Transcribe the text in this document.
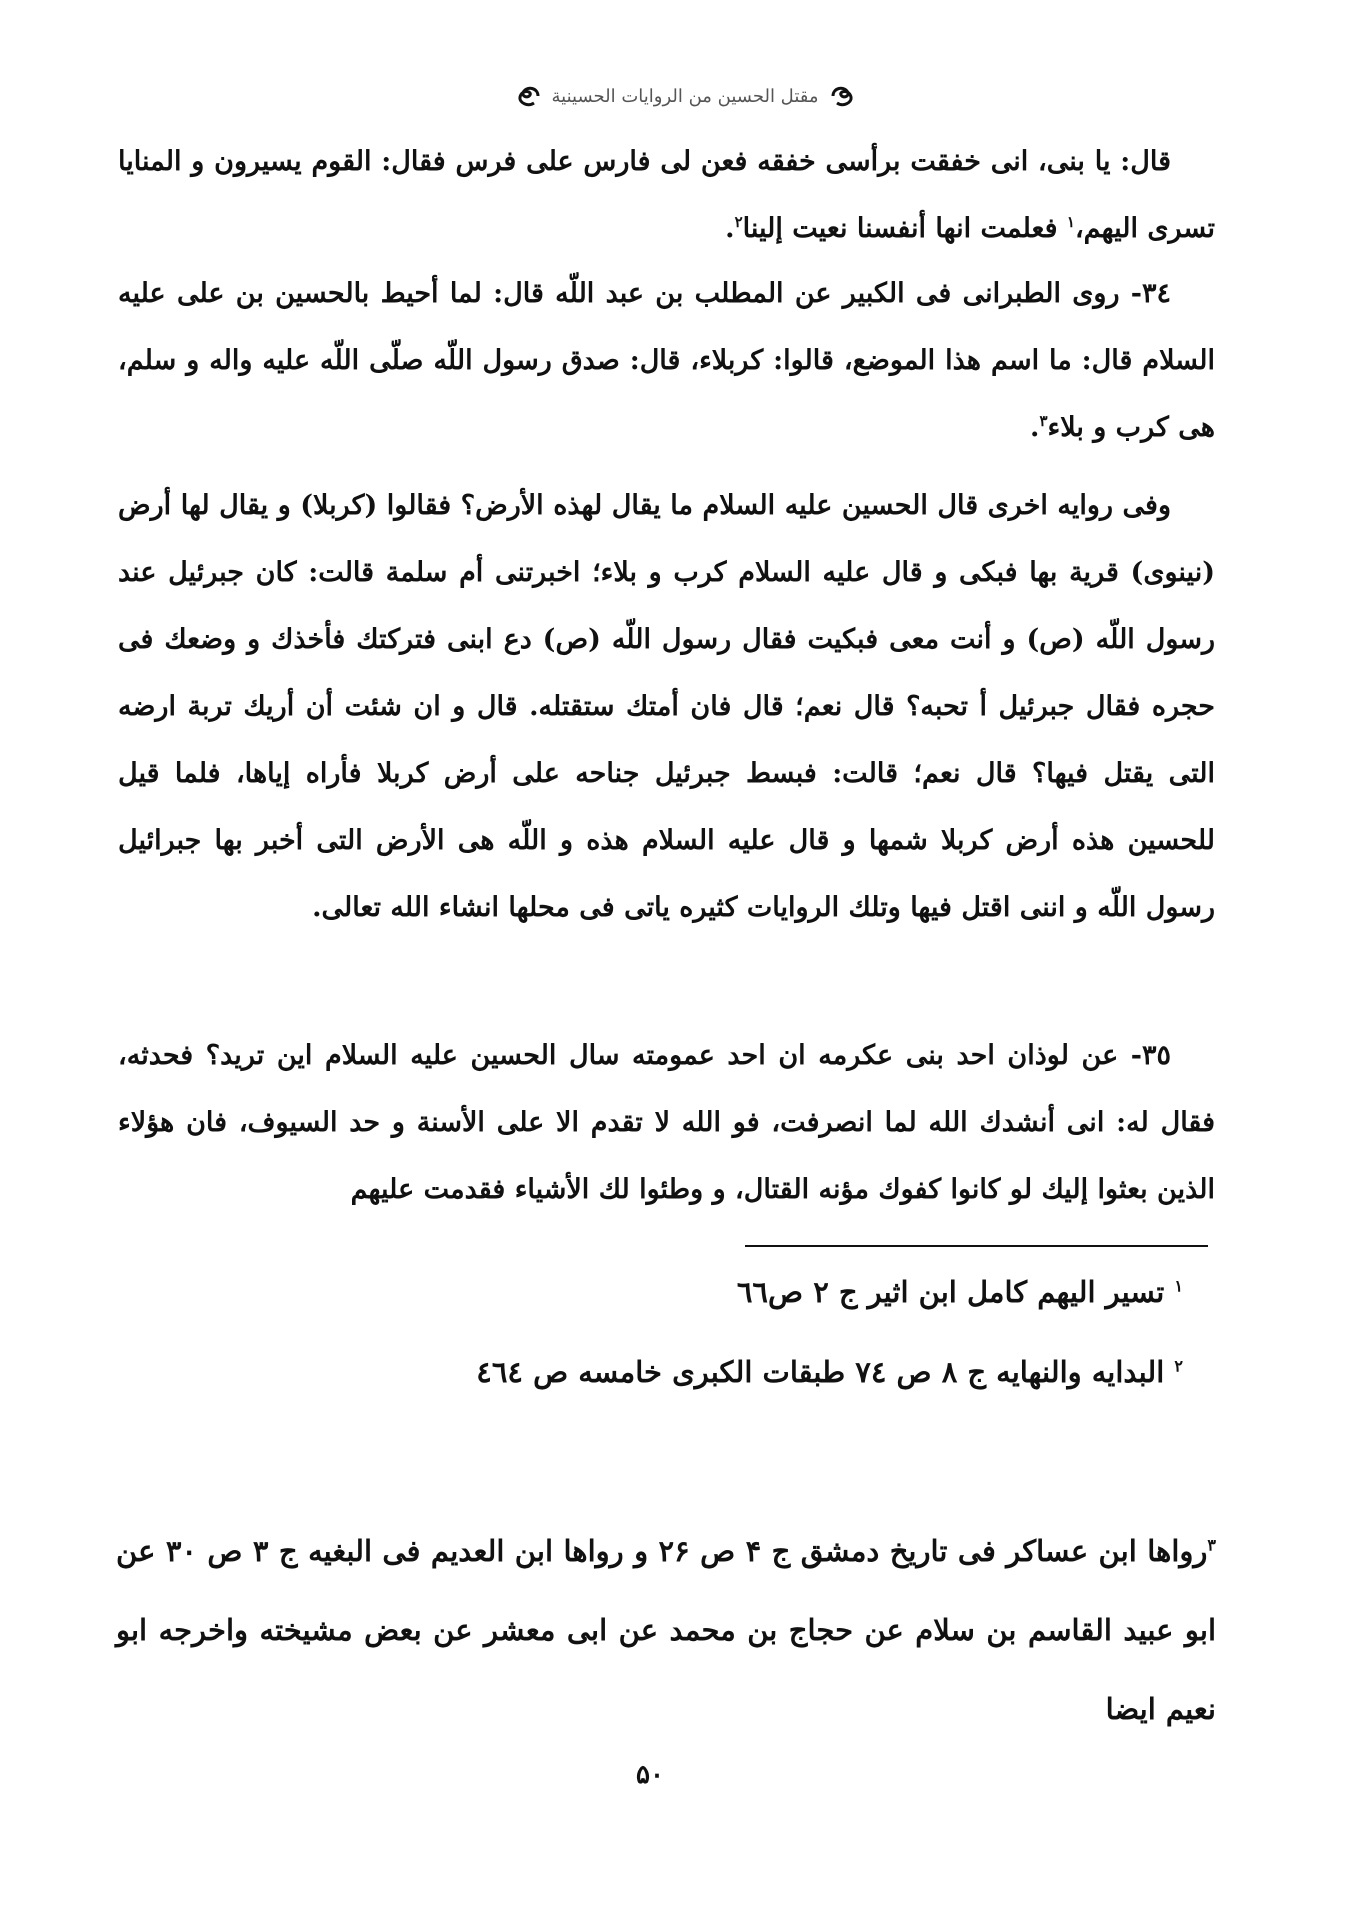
مقتل الحسين من الروايات الحسينية

قال: يا بنى، انى خفقت برأسى خفقه فعن لى فارس على فرس فقال: القوم يسيرون و المنايا تسرى اليهم،$^١$ فعلمت انها أنفسنا نعيت إلينا$^٢$.

٣٤- روى الطبرانى فى الكبير عن المطلب بن عبد اللّه قال: لما أحيط بالحسين بن على عليه السلام قال: ما اسم هذا الموضع، قالوا: كربلاء، قال: صدق رسول اللّه صلّى اللّه عليه واله و سلم، هى كرب و بلاء$^٣$.

وفى روايه اخرى قال الحسين عليه السلام ما يقال لهذه الأرض؟ فقالوا (كربلا) و يقال لها أرض (نينوى) قرية بها فبكى و قال عليه السلام كرب و بلاء؛ اخبرتنى أم سلمة قالت: كان جبرئيل عند رسول اللّه (ص) و أنت معى فبكيت فقال رسول اللّه (ص) دع ابنى فتركتك فأخذك و وضعك فى حجره فقال جبرئيل أ تحبه؟ قال نعم؛ قال فان أمتك ستقتله. قال و ان شئت أن أريك تربة ارضه التى يقتل فيها؟ قال نعم؛ قالت: فبسط جبرئيل جناحه على أرض كربلا فأراه إياها، فلما قيل للحسين هذه أرض كربلا شمها و قال عليه السلام هذه و اللّه هى الأرض التى أخبر بها جبرائيل رسول اللّه و اننى اقتل فيها وتلك الروايات كثيره ياتى فى محلها انشاء الله تعالى.

٣٥- عن لوذان احد بنى عكرمه ان احد عمومته سال الحسين عليه السلام اين تريد؟ فحدثه، فقال له: انى أنشدك الله لما انصرفت، فو الله لا تقدم الا على الأسنة و حد السيوف، فان هؤلاء الذين بعثوا إليك لو كانوا كفوك مؤنه القتال، و وطئوا لك الأشياء فقدمت عليهم

$^١$ تسير اليهم كامل ابن اثير ج ٢ ص٦٦
$^٢$ البدايه والنهايه ج ٨ ص ٧٤ طبقات الكبرى خامسه ص ٤٦٤
$^٣$رواها ابن عساكر فى تاريخ دمشق ج ۴ ص ٢۶ و رواها ابن العديم فى البغيه ج ٣ ص ٣٠ عن ابو عبيد القاسم بن سلام عن حجاج بن محمد عن ابى معشر عن بعض مشيخته واخرجه ابو نعيم ايضا
۵۰
